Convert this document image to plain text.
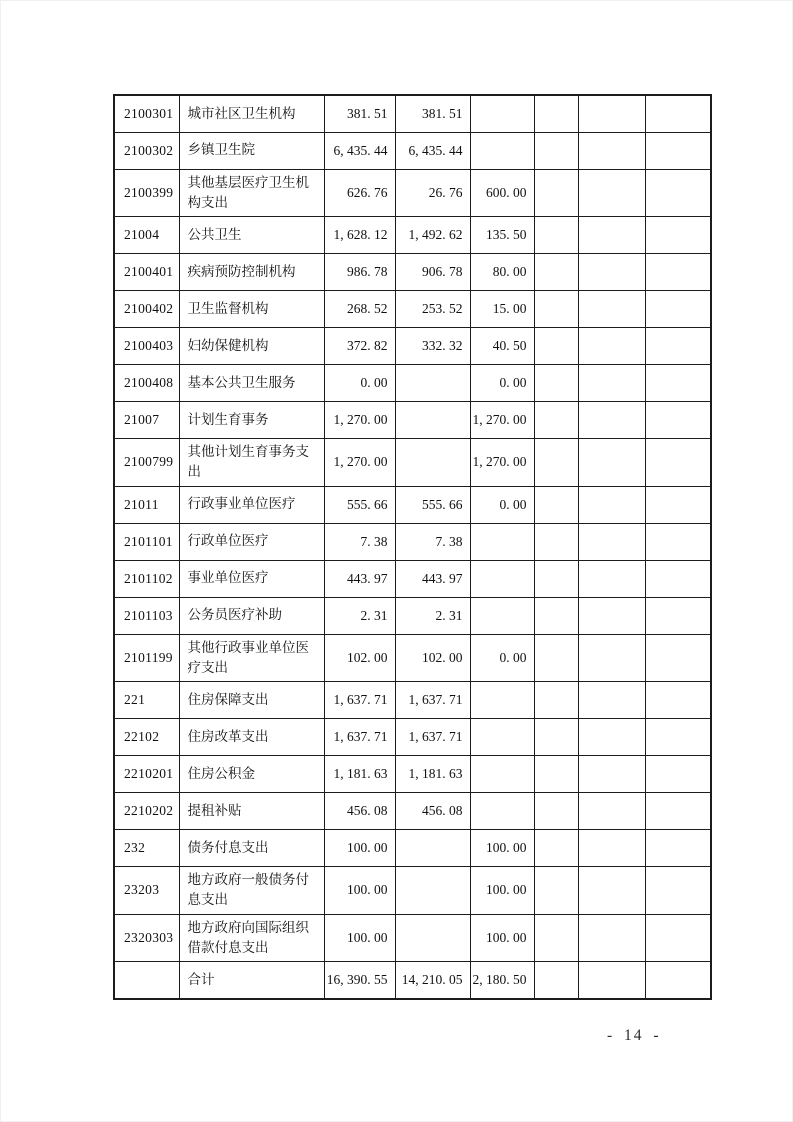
2100301	城市社区卫生机构	381. 51	381. 51				
2100302	乡镇卫生院	6, 435. 44	6, 435. 44				
2100399	其他基层医疗卫生机构支出	626. 76	26. 76	600. 00			
21004	公共卫生	1, 628. 12	1, 492. 62	135. 50			
2100401	疾病预防控制机构	986. 78	906. 78	80. 00			
2100402	卫生监督机构	268. 52	253. 52	15. 00			
2100403	妇幼保健机构	372. 82	332. 32	40. 50			
2100408	基本公共卫生服务	0. 00		0. 00			
21007	计划生育事务	1, 270. 00		1, 270. 00			
2100799	其他计划生育事务支出	1, 270. 00		1, 270. 00			
21011	行政事业单位医疗	555. 66	555. 66	0. 00			
2101101	行政单位医疗	7. 38	7. 38				
2101102	事业单位医疗	443. 97	443. 97				
2101103	公务员医疗补助	2. 31	2. 31				
2101199	其他行政事业单位医疗支出	102. 00	102. 00	0. 00			
221	住房保障支出	1, 637. 71	1, 637. 71				
22102	住房改革支出	1, 637. 71	1, 637. 71				
2210201	住房公积金	1, 181. 63	1, 181. 63				
2210202	提租补贴	456. 08	456. 08				
232	债务付息支出	100. 00		100. 00			
23203	地方政府一般债务付息支出	100. 00		100. 00			
2320303	地方政府向国际组织借款付息支出	100. 00		100. 00			
	合计	16, 390. 55	14, 210. 05	2, 180. 50			
- 14 -
